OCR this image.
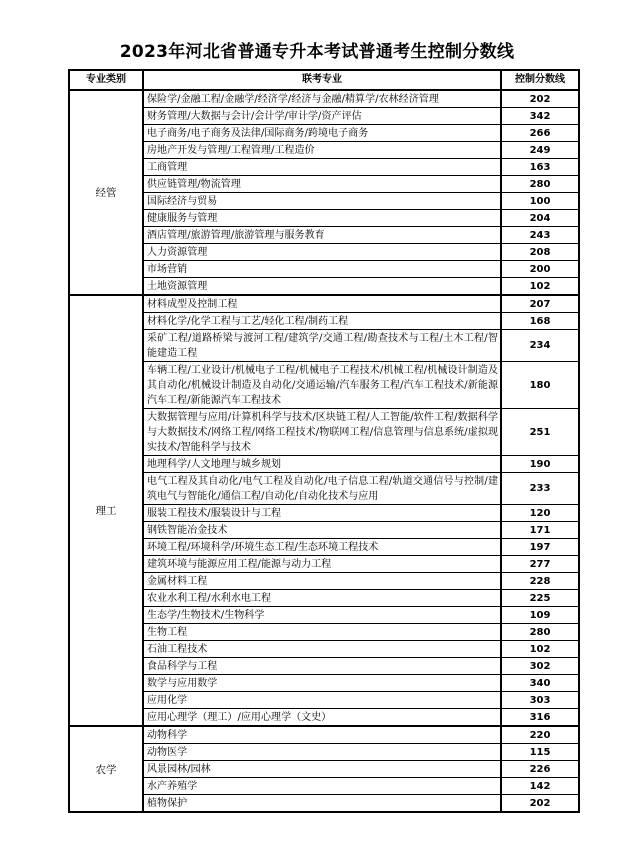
2023年河北省普通专升本考试普通考生控制分数线
专业类别	联考专业	控制分数线
经管	保险学/金融工程/金融学/经济学/经济与金融/精算学/农林经济管理	202
	财务管理/大数据与会计/会计学/审计学/资产评估	342
	电子商务/电子商务及法律/国际商务/跨境电子商务	266
	房地产开发与管理/工程管理/工程造价	249
	工商管理	163
	供应链管理/物流管理	280
	国际经济与贸易	100
	健康服务与管理	204
	酒店管理/旅游管理/旅游管理与服务教育	243
	人力资源管理	208
	市场营销	200
	土地资源管理	102
理工	材料成型及控制工程	207
	材料化学/化学工程与工艺/轻化工程/制药工程	168
	采矿工程/道路桥梁与渡河工程/建筑学/交通工程/勘查技术与工程/土木工程/智能建造工程	234
	车辆工程/工业设计/机械电子工程/机械电子工程技术/机械工程/机械设计制造及其自动化/机械设计制造及自动化/交通运输/汽车服务工程/汽车工程技术/新能源汽车工程/新能源汽车工程技术	180
	大数据管理与应用/计算机科学与技术/区块链工程/人工智能/软件工程/数据科学与大数据技术/网络工程/网络工程技术/物联网工程/信息管理与信息系统/虚拟现实技术/智能科学与技术	251
	地理科学/人文地理与城乡规划	190
	电气工程及其自动化/电气工程及自动化/电子信息工程/轨道交通信号与控制/建筑电气与智能化/通信工程/自动化/自动化技术与应用	233
	服装工程技术/服装设计与工程	120
	钢铁智能冶金技术	171
	环境工程/环境科学/环境生态工程/生态环境工程技术	197
	建筑环境与能源应用工程/能源与动力工程	277
	金属材料工程	228
	农业水利工程/水利水电工程	225
	生态学/生物技术/生物科学	109
	生物工程	280
	石油工程技术	102
	食品科学与工程	302
	数学与应用数学	340
	应用化学	303
	应用心理学（理工）/应用心理学（文史）	316
农学	动物科学	220
	动物医学	115
	风景园林/园林	226
	水产养殖学	142
	植物保护	202
